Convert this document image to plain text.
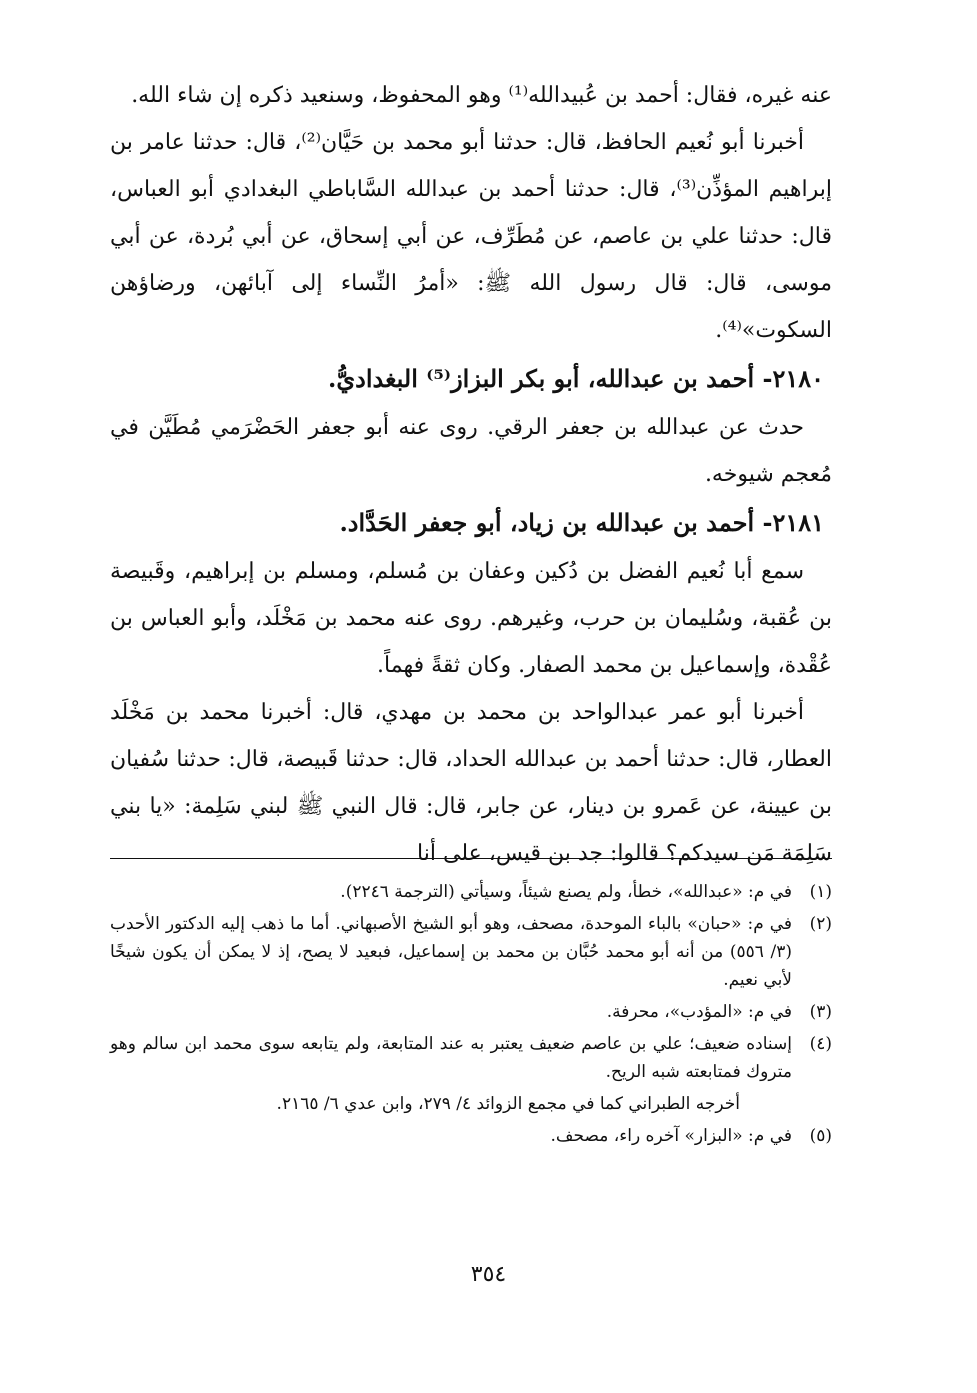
عنه غيره، فقال: أحمد بن عُبيدالله⁽¹⁾ وهو المحفوظ، وسنعيد ذكره إن شاء الله.

أخبرنا أبو نُعيم الحافظ، قال: حدثنا أبو محمد بن حَيَّان⁽²⁾، قال: حدثنا عامر بن إبراهيم المؤذِّن⁽³⁾، قال: حدثنا أحمد بن عبدالله السَّاباطي البغدادي أبو العباس، قال: حدثنا علي بن عاصم، عن مُطَرِّف، عن أبي إسحاق، عن أبي بُردة، عن أبي موسى، قال: قال رسول الله ﷺ: «أمرُ النِّساء إلى آبائهن، ورضاؤهن السكوت»⁽⁴⁾.

٢١٨٠- أحمد بن عبدالله، أبو بكر البزاز⁽⁵⁾ البغداديُّ.

حدث عن عبدالله بن جعفر الرقي. روى عنه أبو جعفر الحَضْرَمي مُطَيَّن في مُعجم شيوخه.

٢١٨١- أحمد بن عبدالله بن زياد، أبو جعفر الحَدَّاد.

سمع أبا نُعيم الفضل بن دُكين وعفان بن مُسلم، ومسلم بن إبراهيم، وقَبيصة بن عُقبة، وسُليمان بن حرب، وغيرهم. روى عنه محمد بن مَخْلَد، وأبو العباس بن عُقْدة، وإسماعيل بن محمد الصفار. وكان ثقةً فهماً.

أخبرنا أبو عمر عبدالواحد بن محمد بن مهدي، قال: أخبرنا محمد بن مَخْلَد العطار، قال: حدثنا أحمد بن عبدالله الحداد، قال: حدثنا قَبيصة، قال: حدثنا سُفيان بن عيينة، عن عَمرو بن دينار، عن جابر، قال: قال النبي ﷺ لبني سَلِمة: «يا بني سَلِمَة مَن سيدكم؟ قالوا: جد بن قيس، على أنا

(١)
في م: «عبدالله»، خطأ، ولم يصنع شيئاً، وسيأتي (الترجمة ٢٢٤٦).
(٢)
في م: «حبان» بالباء الموحدة، مصحف، وهو أبو الشيخ الأصبهاني. أما ما ذهب إليه الدكتور الأحدب (٣/ ٥٥٦) من أنه أبو محمد حُبَّان بن محمد بن إسماعيل، فبعيد لا يصح، إذ لا يمكن أن يكون شيخًا لأبي نعيم.
(٣)
في م: «المؤدب»، محرفة.
(٤)
إسناده ضعيف؛ علي بن عاصم ضعيف يعتبر به عند المتابعة، ولم يتابعه سوى محمد ابن سالم وهو متروك فمتابعته شبه الريح.
أخرجه الطبراني كما في مجمع الزوائد ٤/ ٢٧٩، وابن عدي ٦/ ٢١٦٥.
(٥)
في م: «البزار» آخره راء، مصحف.
٣٥٤
